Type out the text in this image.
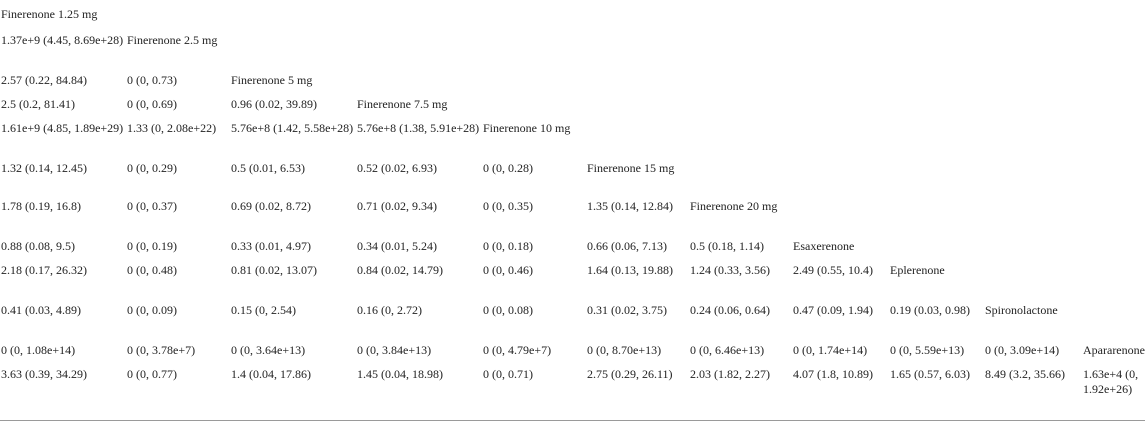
Finerenone 1.25 mg										
1.37e+9 (4.45, 8.69e+28)	Finerenone 2.5 mg									
2.57 (0.22, 84.84)	0 (0, 0.73)	Finerenone 5 mg								
2.5 (0.2, 81.41)	0 (0, 0.69)	0.96 (0.02, 39.89)	Finerenone 7.5 mg							
1.61e+9 (4.85, 1.89e+29)	1.33 (0, 2.08e+22)	5.76e+8 (1.42, 5.58e+28)	5.76e+8 (1.38, 5.91e+28)	Finerenone 10 mg						
1.32 (0.14, 12.45)	0 (0, 0.29)	0.5 (0.01, 6.53)	0.52 (0.02, 6.93)	0 (0, 0.28)	Finerenone 15 mg					
1.78 (0.19, 16.8)	0 (0, 0.37)	0.69 (0.02, 8.72)	0.71 (0.02, 9.34)	0 (0, 0.35)	1.35 (0.14, 12.84)	Finerenone 20 mg				
0.88 (0.08, 9.5)	0 (0, 0.19)	0.33 (0.01, 4.97)	0.34 (0.01, 5.24)	0 (0, 0.18)	0.66 (0.06, 7.13)	0.5 (0.18, 1.14)	Esaxerenone			
2.18 (0.17, 26.32)	0 (0, 0.48)	0.81 (0.02, 13.07)	0.84 (0.02, 14.79)	0 (0, 0.46)	1.64 (0.13, 19.88)	1.24 (0.33, 3.56)	2.49 (0.55, 10.4)	Eplerenone		
0.41 (0.03, 4.89)	0 (0, 0.09)	0.15 (0, 2.54)	0.16 (0, 2.72)	0 (0, 0.08)	0.31 (0.02, 3.75)	0.24 (0.06, 0.64)	0.47 (0.09, 1.94)	0.19 (0.03, 0.98)	Spironolactone	
0 (0, 1.08e+14)	0 (0, 3.78e+7)	0 (0, 3.64e+13)	0 (0, 3.84e+13)	0 (0, 4.79e+7)	0 (0, 8.70e+13)	0 (0, 6.46e+13)	0 (0, 1.74e+14)	0 (0, 5.59e+13)	0 (0, 3.09e+14)	Apararenone
3.63 (0.39, 34.29)	0 (0, 0.77)	1.4 (0.04, 17.86)	1.45 (0.04, 18.98)	0 (0, 0.71)	2.75 (0.29, 26.11)	2.03 (1.82, 2.27)	4.07 (1.8, 10.89)	1.65 (0.57, 6.03)	8.49 (3.2, 35.66)	1.63e+4 (0, 1.92e+26)
